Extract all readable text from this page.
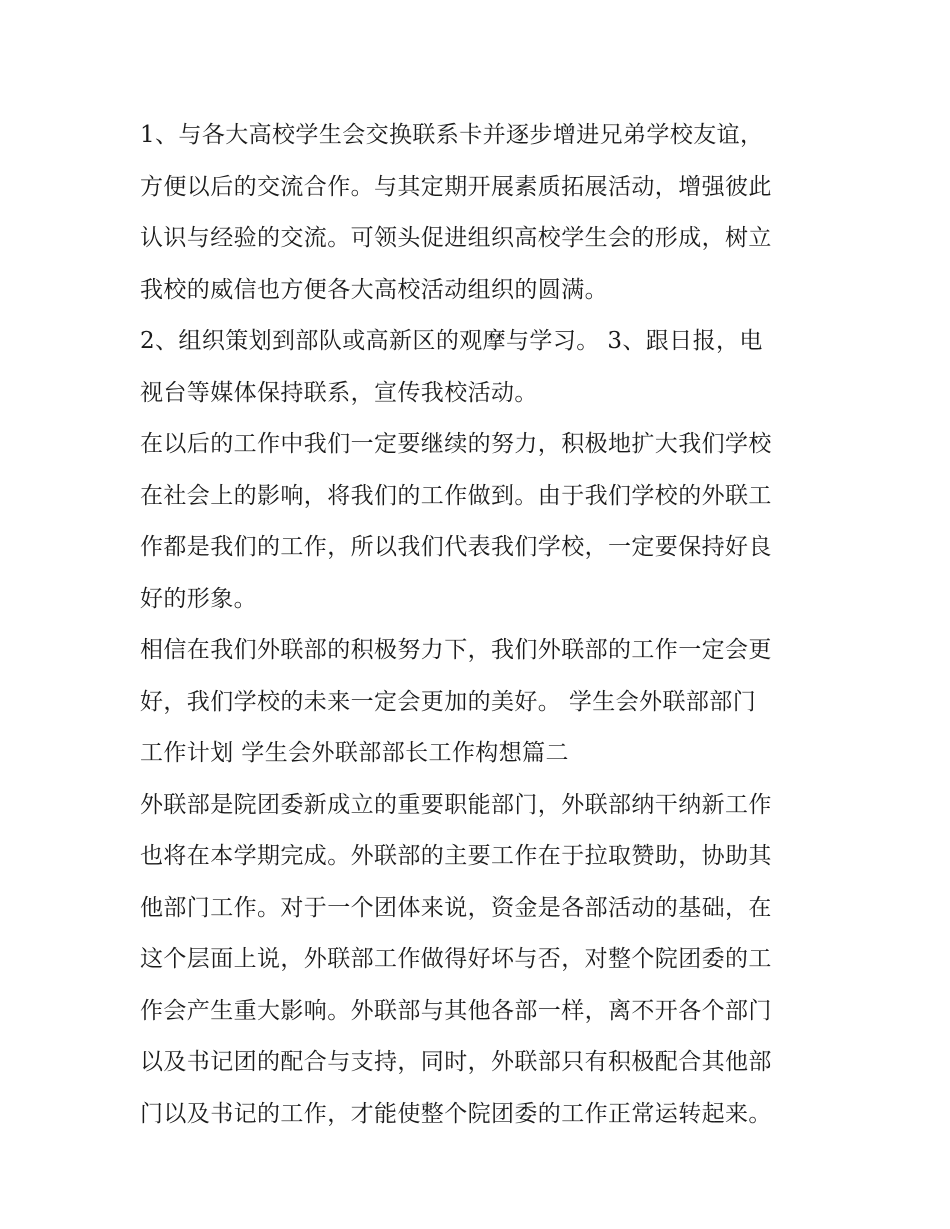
1、与各大高校学生会交换联系卡并逐步增进兄弟学校友谊，
方便以后的交流合作。与其定期开展素质拓展活动，增强彼此
认识与经验的交流。可领头促进组织高校学生会的形成，树立
我校的威信也方便各大高校活动组织的圆满。
2、组织策划到部队或高新区的观摩与学习。 3、跟日报，电
视台等媒体保持联系，宣传我校活动。
在以后的工作中我们一定要继续的努力，积极地扩大我们学校
在社会上的影响，将我们的工作做到。由于我们学校的外联工
作都是我们的工作，所以我们代表我们学校，一定要保持好良
好的形象。
相信在我们外联部的积极努力下，我们外联部的工作一定会更
好，我们学校的未来一定会更加的美好。 学生会外联部部门
工作计划 学生会外联部部长工作构想篇二
外联部是院团委新成立的重要职能部门，外联部纳干纳新工作
也将在本学期完成。外联部的主要工作在于拉取赞助，协助其
他部门工作。对于一个团体来说，资金是各部活动的基础，在
这个层面上说，外联部工作做得好坏与否，对整个院团委的工
作会产生重大影响。外联部与其他各部一样，离不开各个部门
以及书记团的配合与支持，同时，外联部只有积极配合其他部
门以及书记的工作，才能使整个院团委的工作正常运转起来。
